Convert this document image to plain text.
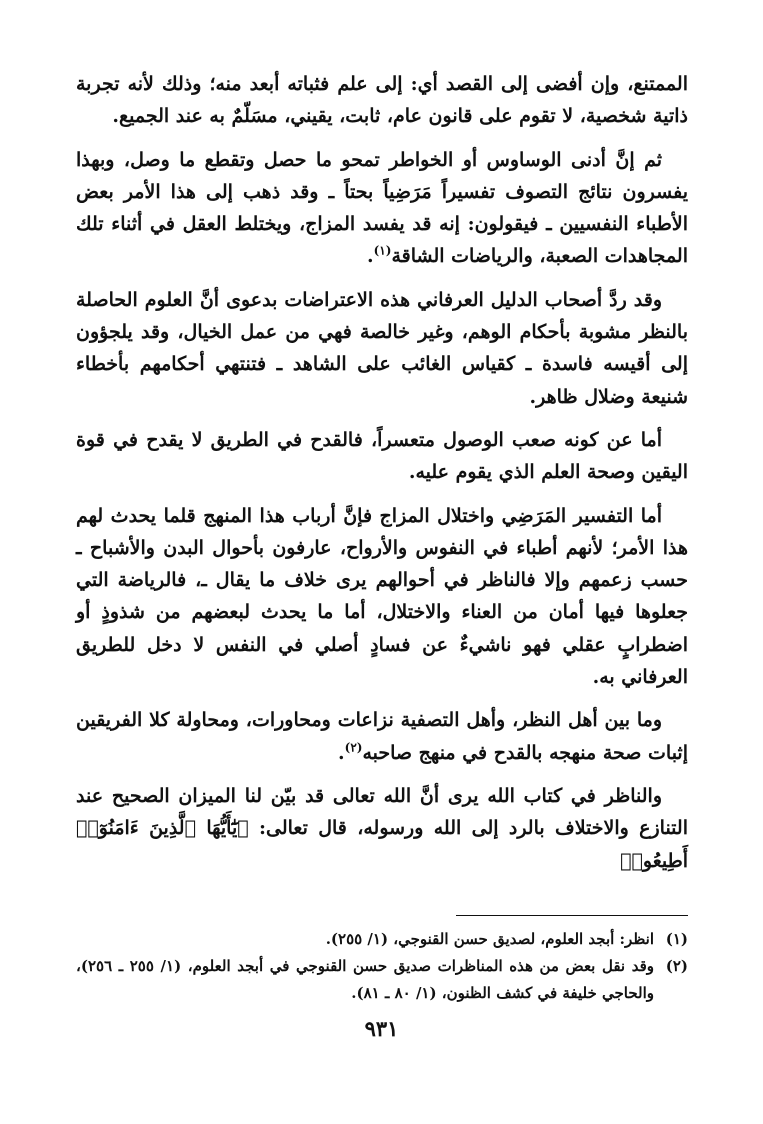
الممتنع، وإن أفضى إلى القصد أي: إلى علم فثباته أبعد منه؛ وذلك لأنه تجربة ذاتية شخصية، لا تقوم على قانون عام، ثابت، يقيني، مسَلّمٌ به عند الجميع.

ثم إنَّ أدنى الوساوس أو الخواطر تمحو ما حصل وتقطع ما وصل، وبهذا يفسرون نتائج التصوف تفسيراً مَرَضِياً بحتاً ـ وقد ذهب إلى هذا الأمر بعض الأطباء النفسيين ـ فيقولون: إنه قد يفسد المزاج، ويختلط العقل في أثناء تلك المجاهدات الصعبة، والرياضات الشاقة$^{(١)}$.

وقد ردَّ أصحاب الدليل العرفاني هذه الاعتراضات بدعوى أنَّ العلوم الحاصلة بالنظر مشوبة بأحكام الوهم، وغير خالصة فهي من عمل الخيال، وقد يلجؤون إلى أقيسه فاسدة ـ كقياس الغائب على الشاهد ـ فتنتهي أحكامهم بأخطاء شنيعة وضلال ظاهر.

أما عن كونه صعب الوصول متعسراً، فالقدح في الطريق لا يقدح في قوة اليقين وصحة العلم الذي يقوم عليه.

أما التفسير المَرَضِي واختلال المزاج فإنَّ أرباب هذا المنهج قلما يحدث لهم هذا الأمر؛ لأنهم أطباء في النفوس والأرواح، عارفون بأحوال البدن والأشباح ـ حسب زعمهم وإلا فالناظر في أحوالهم يرى خلاف ما يقال ـ، فالرياضة التي جعلوها فيها أمان من العناء والاختلال، أما ما يحدث لبعضهم من شذوذٍ أو اضطرابٍ عقلي فهو ناشيءٌ عن فسادٍ أصلي في النفس لا دخل للطريق العرفاني به.

وما بين أهل النظر، وأهل التصفية نزاعات ومحاورات، ومحاولة كلا الفريقين إثبات صحة منهجه بالقدح في منهج صاحبه$^{(٢)}$.

والناظر في كتاب الله يرى أنَّ الله تعالى قد بيّن لنا الميزان الصحيح عند التنازع والاختلاف بالرد إلى الله ورسوله، قال تعالى: ﴿يَٰٓأَيُّهَا ٱلَّذِينَ ءَامَنُوٓا۟ أَطِيعُوا۟

(١)
انظر: أبجد العلوم، لصديق حسن القنوجي، (١/ ٢٥٥).
(٢)
وقد نقل بعض من هذه المناظرات صديق حسن القنوجي في أبجد العلوم، (١/ ٢٥٥ ـ ٢٥٦)، والحاجي خليفة في كشف الظنون، (١/ ٨٠ ـ ٨١).
٩٣١
